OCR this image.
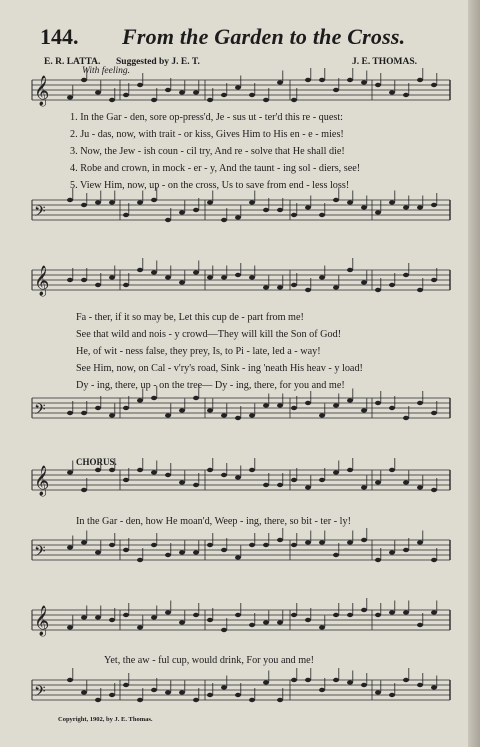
𝄞
𝄢
𝄞
𝄢
𝄞
𝄢
𝄞
𝄢
144. From the Garden to the Cross.
E. R. LATTA. Suggested by J. E. T.	J. E. THOMAS.
With feeling.
1. In the Gar - den, sore op-press'd, Je - sus ut - ter'd this re - quest:
2. Ju - das, now, with trait - or kiss, Gives Him to His en - e - mies!
3. Now, the Jew - ish coun - cil try, And re - solve that He shall die!
4. Robe and crown, in mock - er - y, And the taunt - ing sol - diers, see!
5. View Him, now, up - on the cross, Us to save from end - less loss!
Fa - ther, if it so may be, Let this cup de - part from me!
See that wild and nois - y crowd—They will kill the Son of God!
He, of wit - ness false, they prey, Is, to Pi - late, led a - way!
See Him, now, on Cal - v'ry's road, Sink - ing 'neath His heav - y load!
Dy - ing, there, up - on the tree— Dy - ing, there, for you and me!
CHORUS.
In the Gar - den, how He moan'd, Weep - ing, there, so bit - ter - ly!
Yet, the aw - ful cup, would drink, For you and me!
Copyright, 1902, by J. E. Thomas.
